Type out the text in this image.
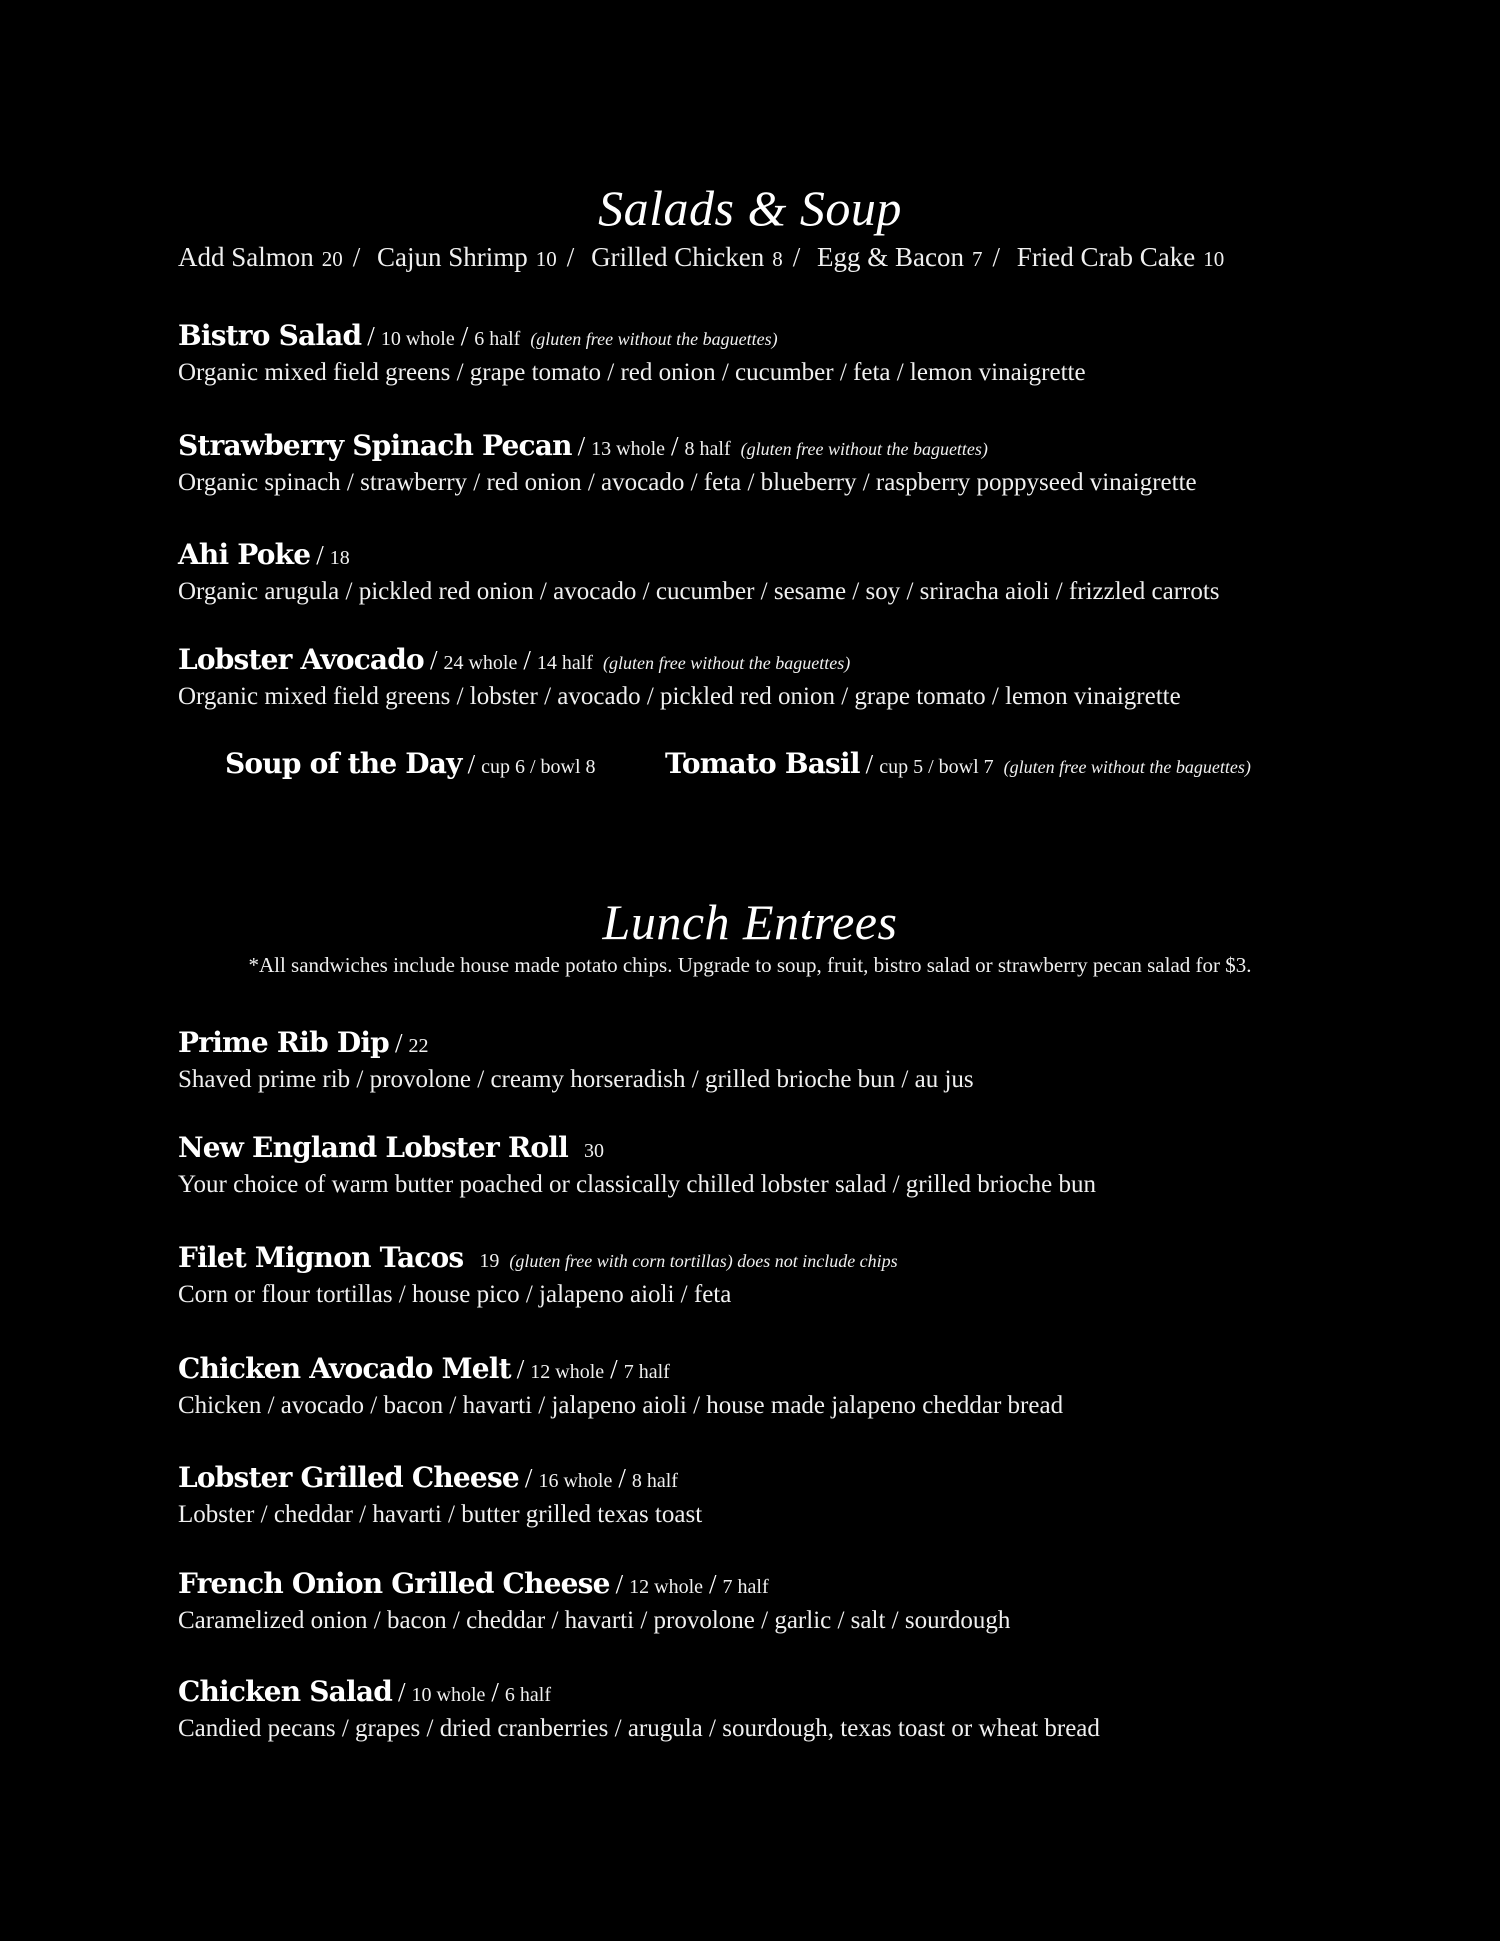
Salads & Soup
Add Salmon 20 / Cajun Shrimp 10 / Grilled Chicken 8 / Egg & Bacon 7 / Fried Crab Cake 10
Bistro Salad / 10 whole / 6 half (gluten free without the baguettes)
Organic mixed field greens / grape tomato / red onion / cucumber / feta / lemon vinaigrette
Strawberry Spinach Pecan / 13 whole / 8 half (gluten free without the baguettes)
Organic spinach / strawberry / red onion / avocado / feta / blueberry / raspberry poppyseed vinaigrette
Ahi Poke / 18
Organic arugula / pickled red onion / avocado / cucumber / sesame / soy / sriracha aioli / frizzled carrots
Lobster Avocado / 24 whole / 14 half (gluten free without the baguettes)
Organic mixed field greens / lobster / avocado / pickled red onion / grape tomato / lemon vinaigrette
Soup of the Day / cup 6 / bowl 8 Tomato Basil / cup 5 / bowl 7 (gluten free without the baguettes)
Lunch Entrees
*All sandwiches include house made potato chips. Upgrade to soup, fruit, bistro salad or strawberry pecan salad for $3.
Prime Rib Dip / 22
Shaved prime rib / provolone / creamy horseradish / grilled brioche bun / au jus
New England Lobster Roll 30
Your choice of warm butter poached or classically chilled lobster salad / grilled brioche bun
Filet Mignon Tacos 19 (gluten free with corn tortillas) does not include chips
Corn or flour tortillas / house pico / jalapeno aioli / feta
Chicken Avocado Melt / 12 whole / 7 half
Chicken / avocado / bacon / havarti / jalapeno aioli / house made jalapeno cheddar bread
Lobster Grilled Cheese / 16 whole / 8 half
Lobster / cheddar / havarti / butter grilled texas toast
French Onion Grilled Cheese / 12 whole / 7 half
Caramelized onion / bacon / cheddar / havarti / provolone / garlic / salt / sourdough
Chicken Salad / 10 whole / 6 half
Candied pecans / grapes / dried cranberries / arugula / sourdough, texas toast or wheat bread
